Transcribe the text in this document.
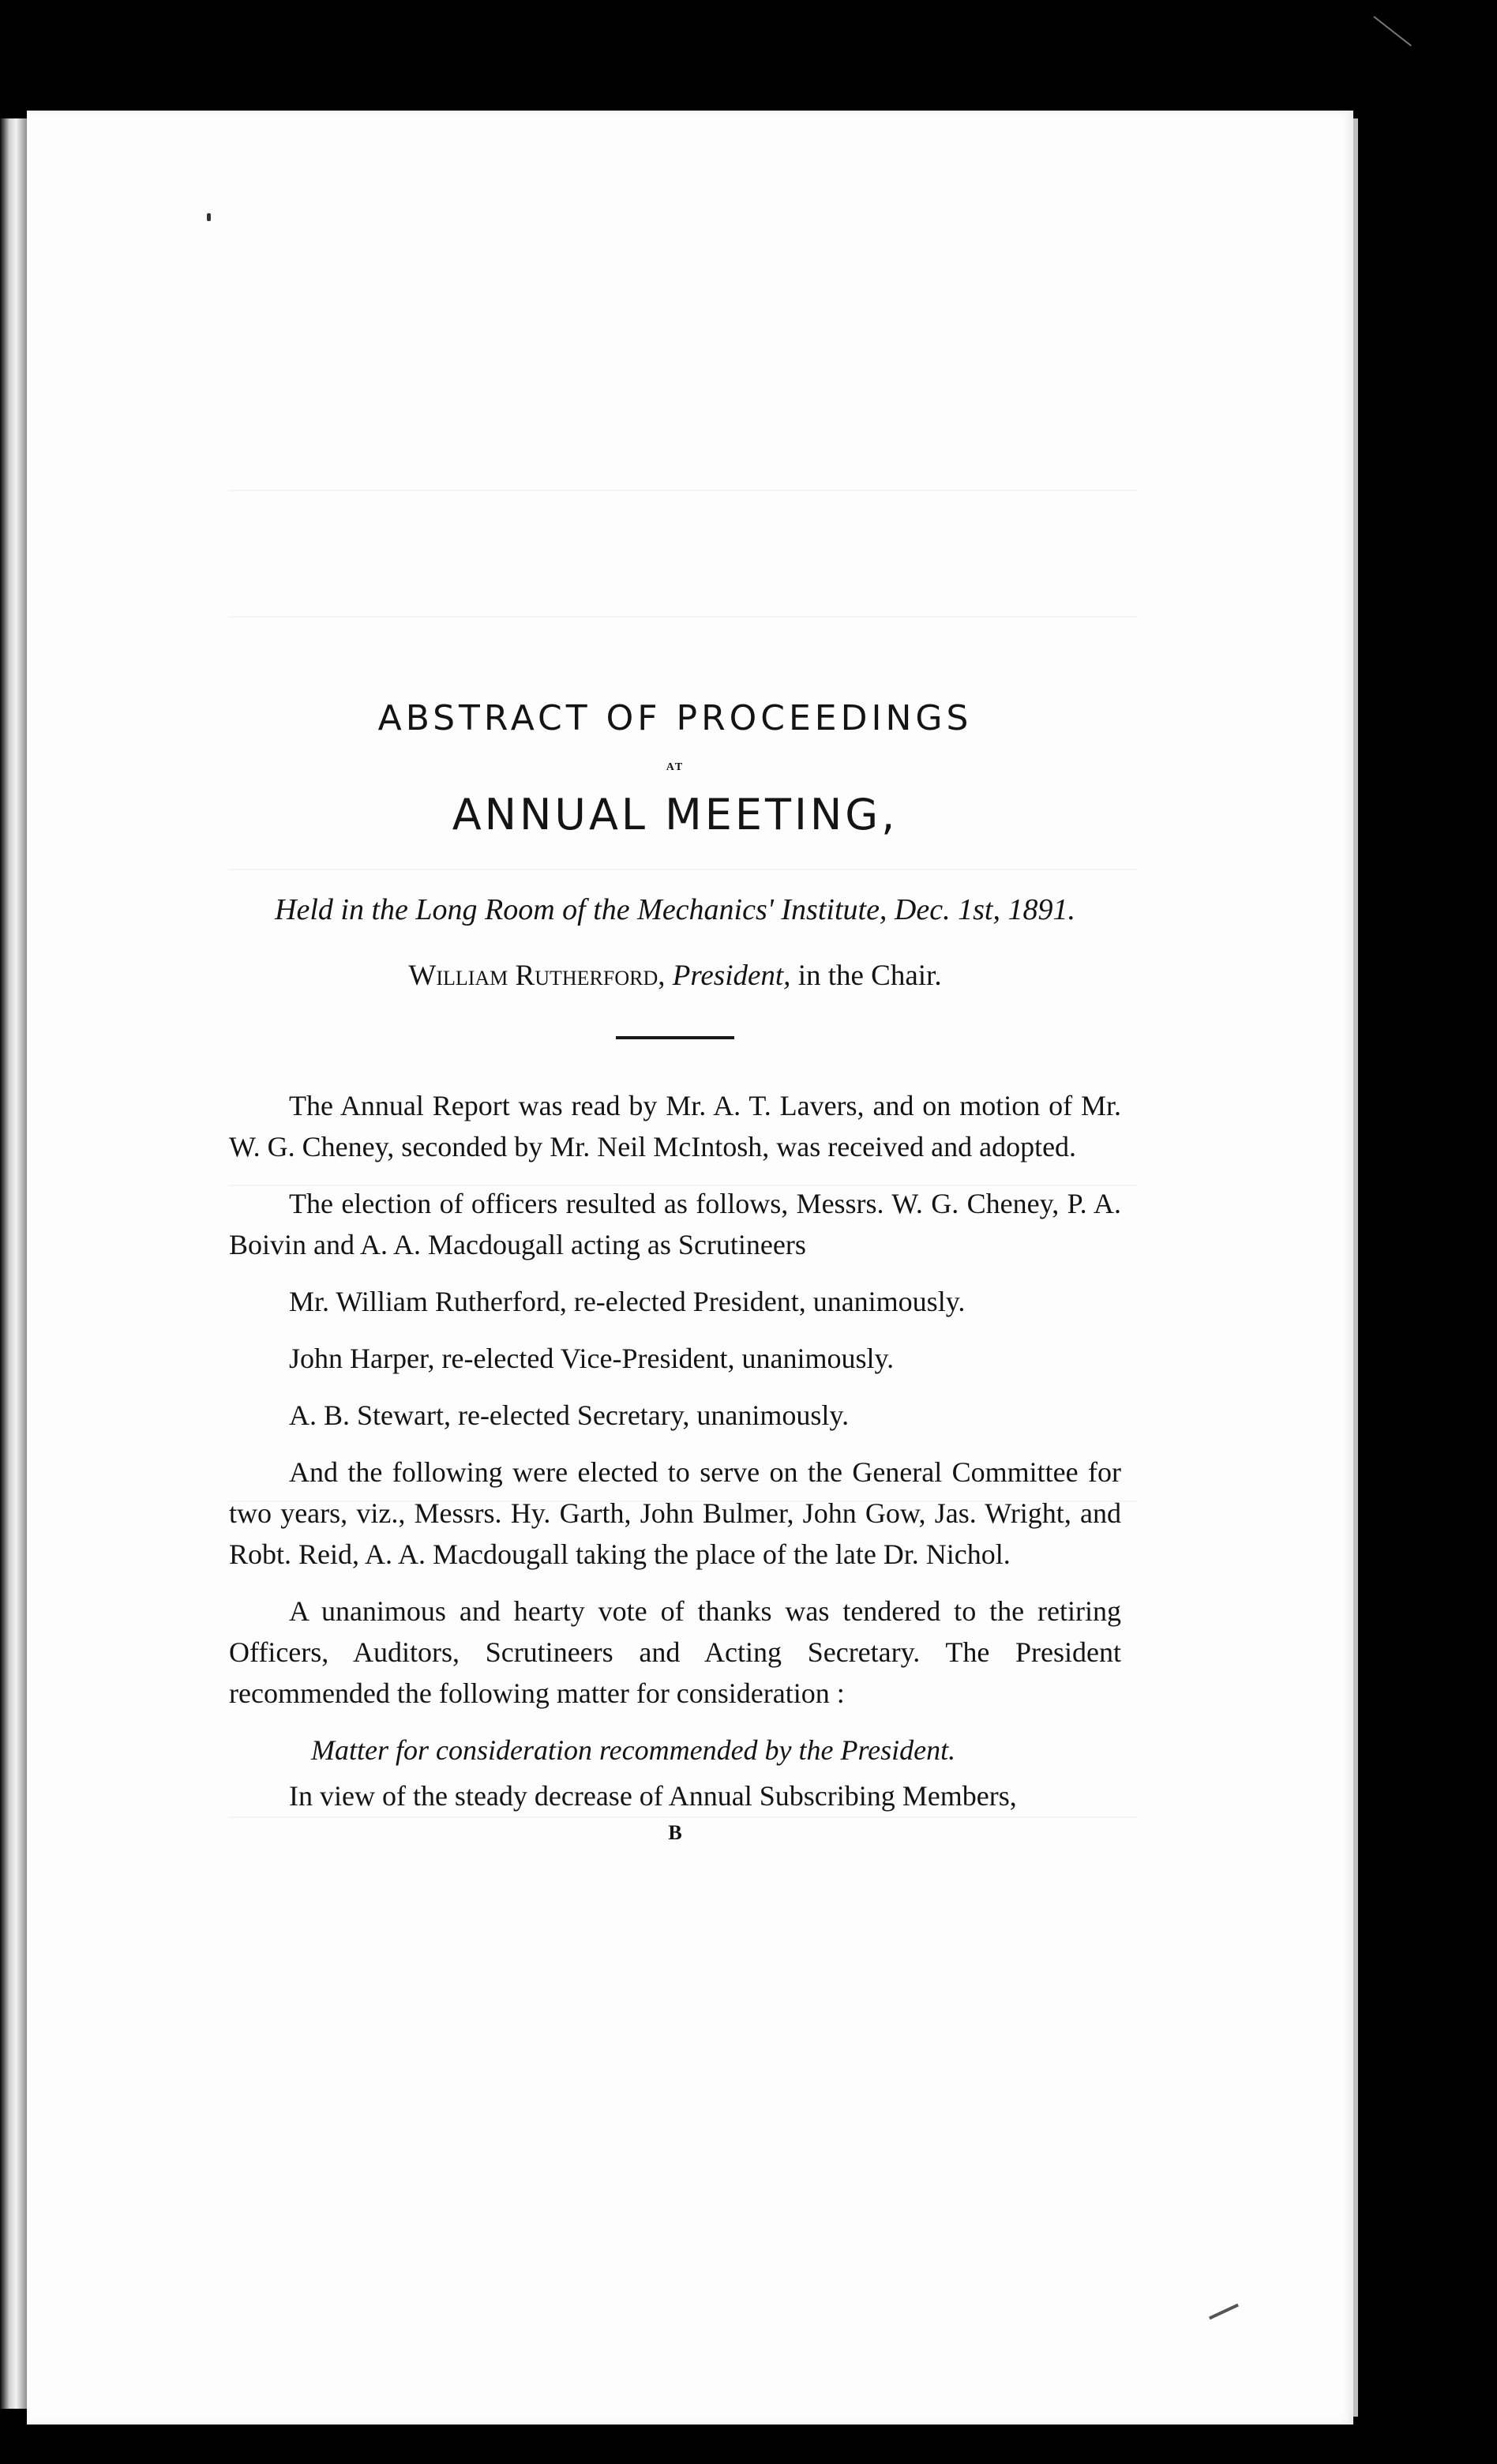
ABSTRACT OF PROCEEDINGS
AT
ANNUAL MEETING,

Held in the Long Room of the Mechanics' Institute, Dec. 1st, 1891.

William Rutherford, President, in the Chair.

The Annual Report was read by Mr. A. T. Lavers, and on motion of Mr. W. G. Cheney, seconded by Mr. Neil McIntosh, was received and adopted.

The election of officers resulted as follows, Messrs. W. G. Cheney, P. A. Boivin and A. A. Macdougall acting as Scrutineers

Mr. William Rutherford, re-elected President, unanimously.

John Harper, re-elected Vice-President, unanimously.

A. B. Stewart, re-elected Secretary, unanimously.

And the following were elected to serve on the General Committee for two years, viz., Messrs. Hy. Garth, John Bulmer, John Gow, Jas. Wright, and Robt. Reid, A. A. Macdougall taking the place of the late Dr. Nichol.

A unanimous and hearty vote of thanks was tendered to the retiring Officers, Auditors, Scrutineers and Acting Secretary. The President recommended the following matter for consideration :

Matter for consideration recommended by the President.

In view of the steady decrease of Annual Subscribing Members,

B
